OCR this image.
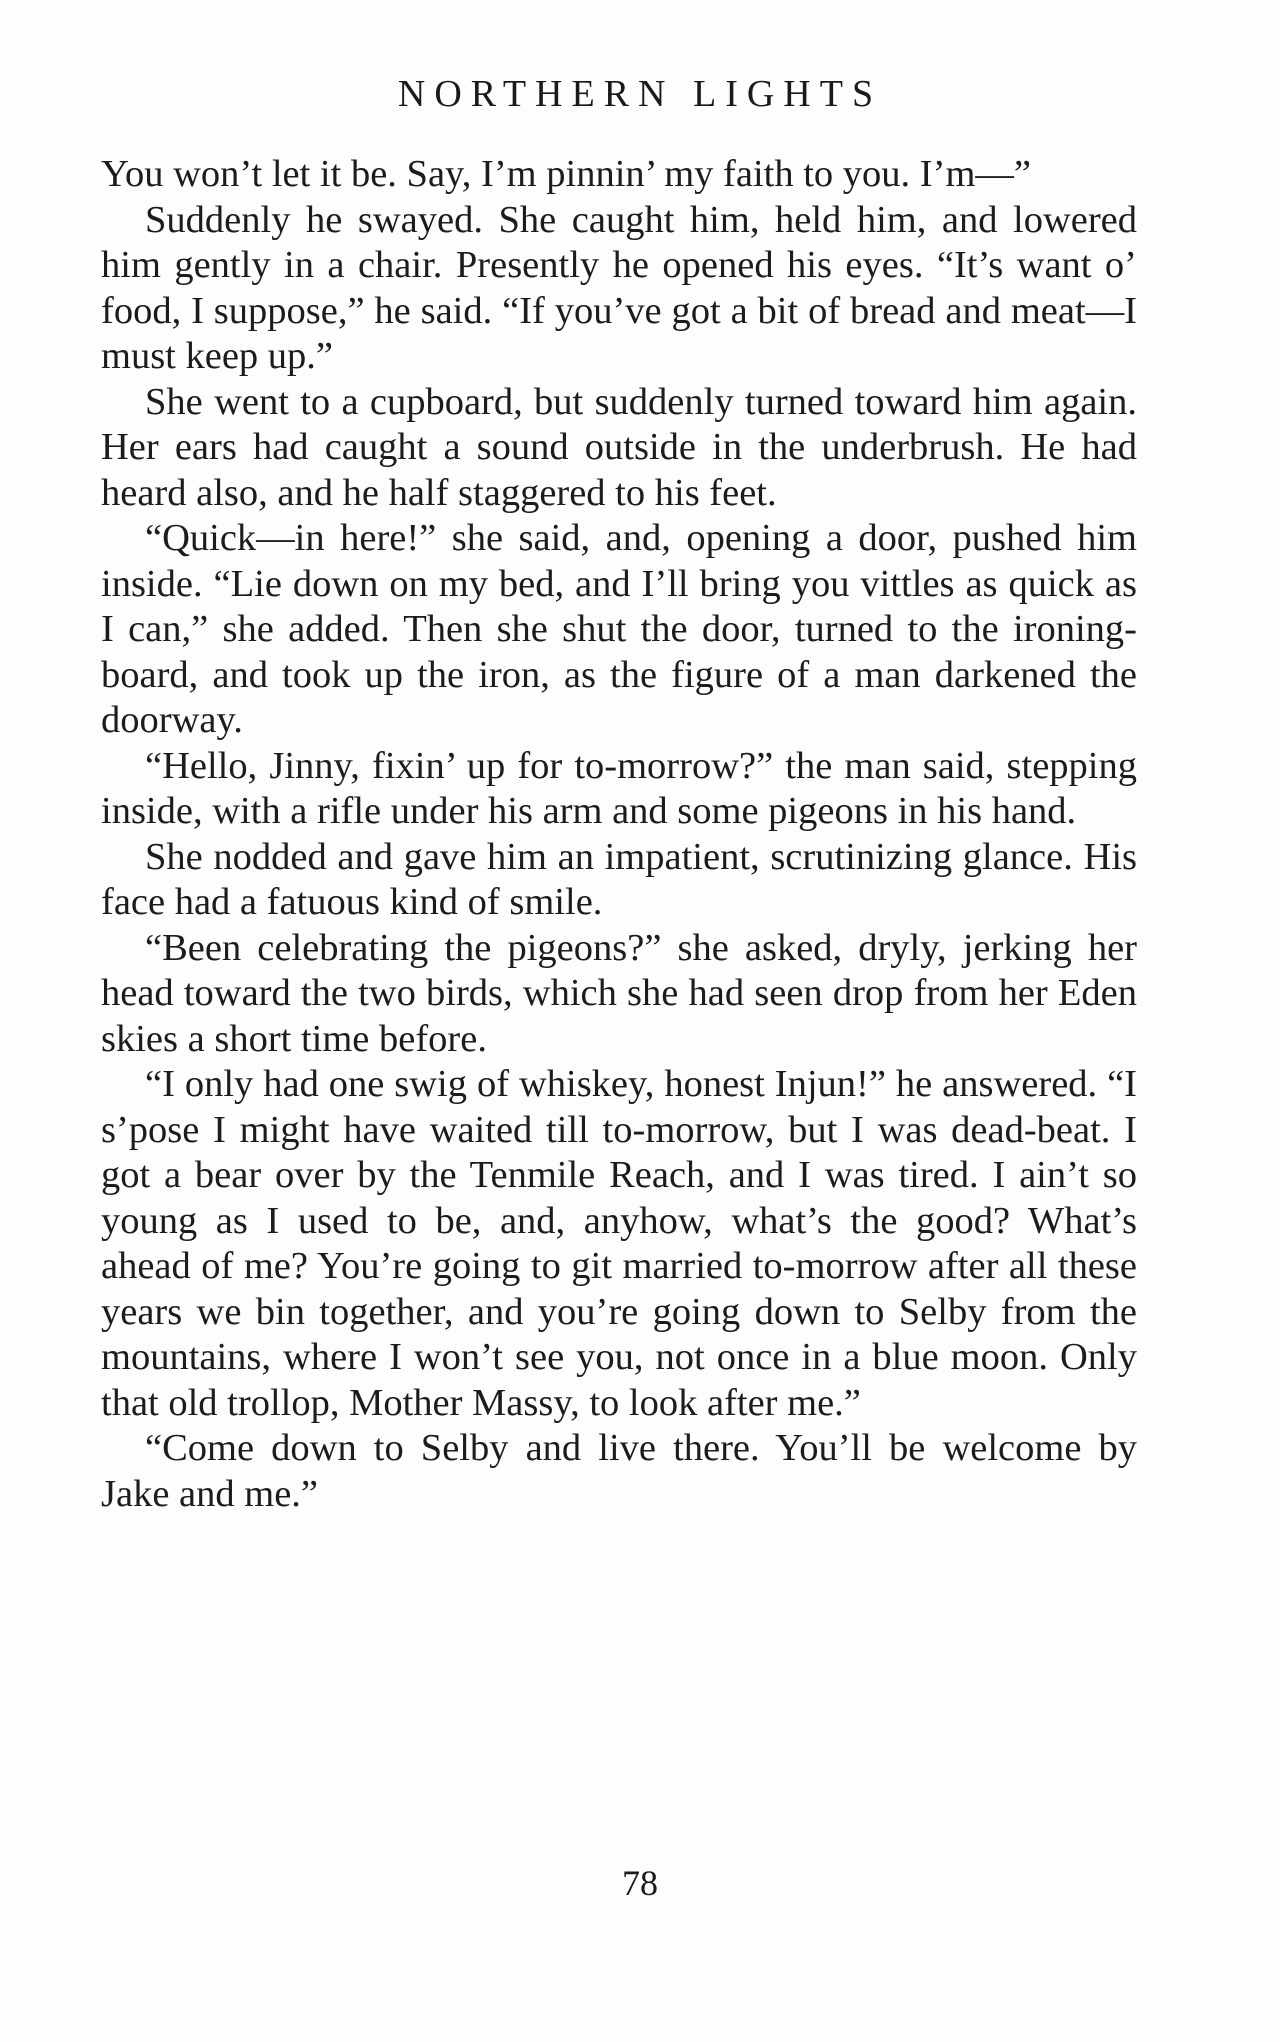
NORTHERN LIGHTS

You won’t let it be. Say, I’m pinnin’ my faith to you. I’m—”

Suddenly he swayed. She caught him, held him, and lowered him gently in a chair. Presently he opened his eyes. “It’s want o’ food, I suppose,” he said. “If you’ve got a bit of bread and meat—I must keep up.”

She went to a cupboard, but suddenly turned toward him again. Her ears had caught a sound outside in the underbrush. He had heard also, and he half staggered to his feet.

“Quick—in here!” she said, and, opening a door, pushed him inside. “Lie down on my bed, and I’ll bring you vittles as quick as I can,” she added. Then she shut the door, turned to the ironing-board, and took up the iron, as the figure of a man darkened the doorway.

“Hello, Jinny, fixin’ up for to-morrow?” the man said, stepping inside, with a rifle under his arm and some pigeons in his hand.

She nodded and gave him an impatient, scrutinizing glance. His face had a fatuous kind of smile.

“Been celebrating the pigeons?” she asked, dryly, jerking her head toward the two birds, which she had seen drop from her Eden skies a short time before.

“I only had one swig of whiskey, honest Injun!” he answered. “I s’pose I might have waited till to-morrow, but I was dead-beat. I got a bear over by the Tenmile Reach, and I was tired. I ain’t so young as I used to be, and, anyhow, what’s the good? What’s ahead of me? You’re going to git married to-morrow after all these years we bin together, and you’re going down to Selby from the mountains, where I won’t see you, not once in a blue moon. Only that old trollop, Mother Massy, to look after me.”

“Come down to Selby and live there. You’ll be welcome by Jake and me.”

78
